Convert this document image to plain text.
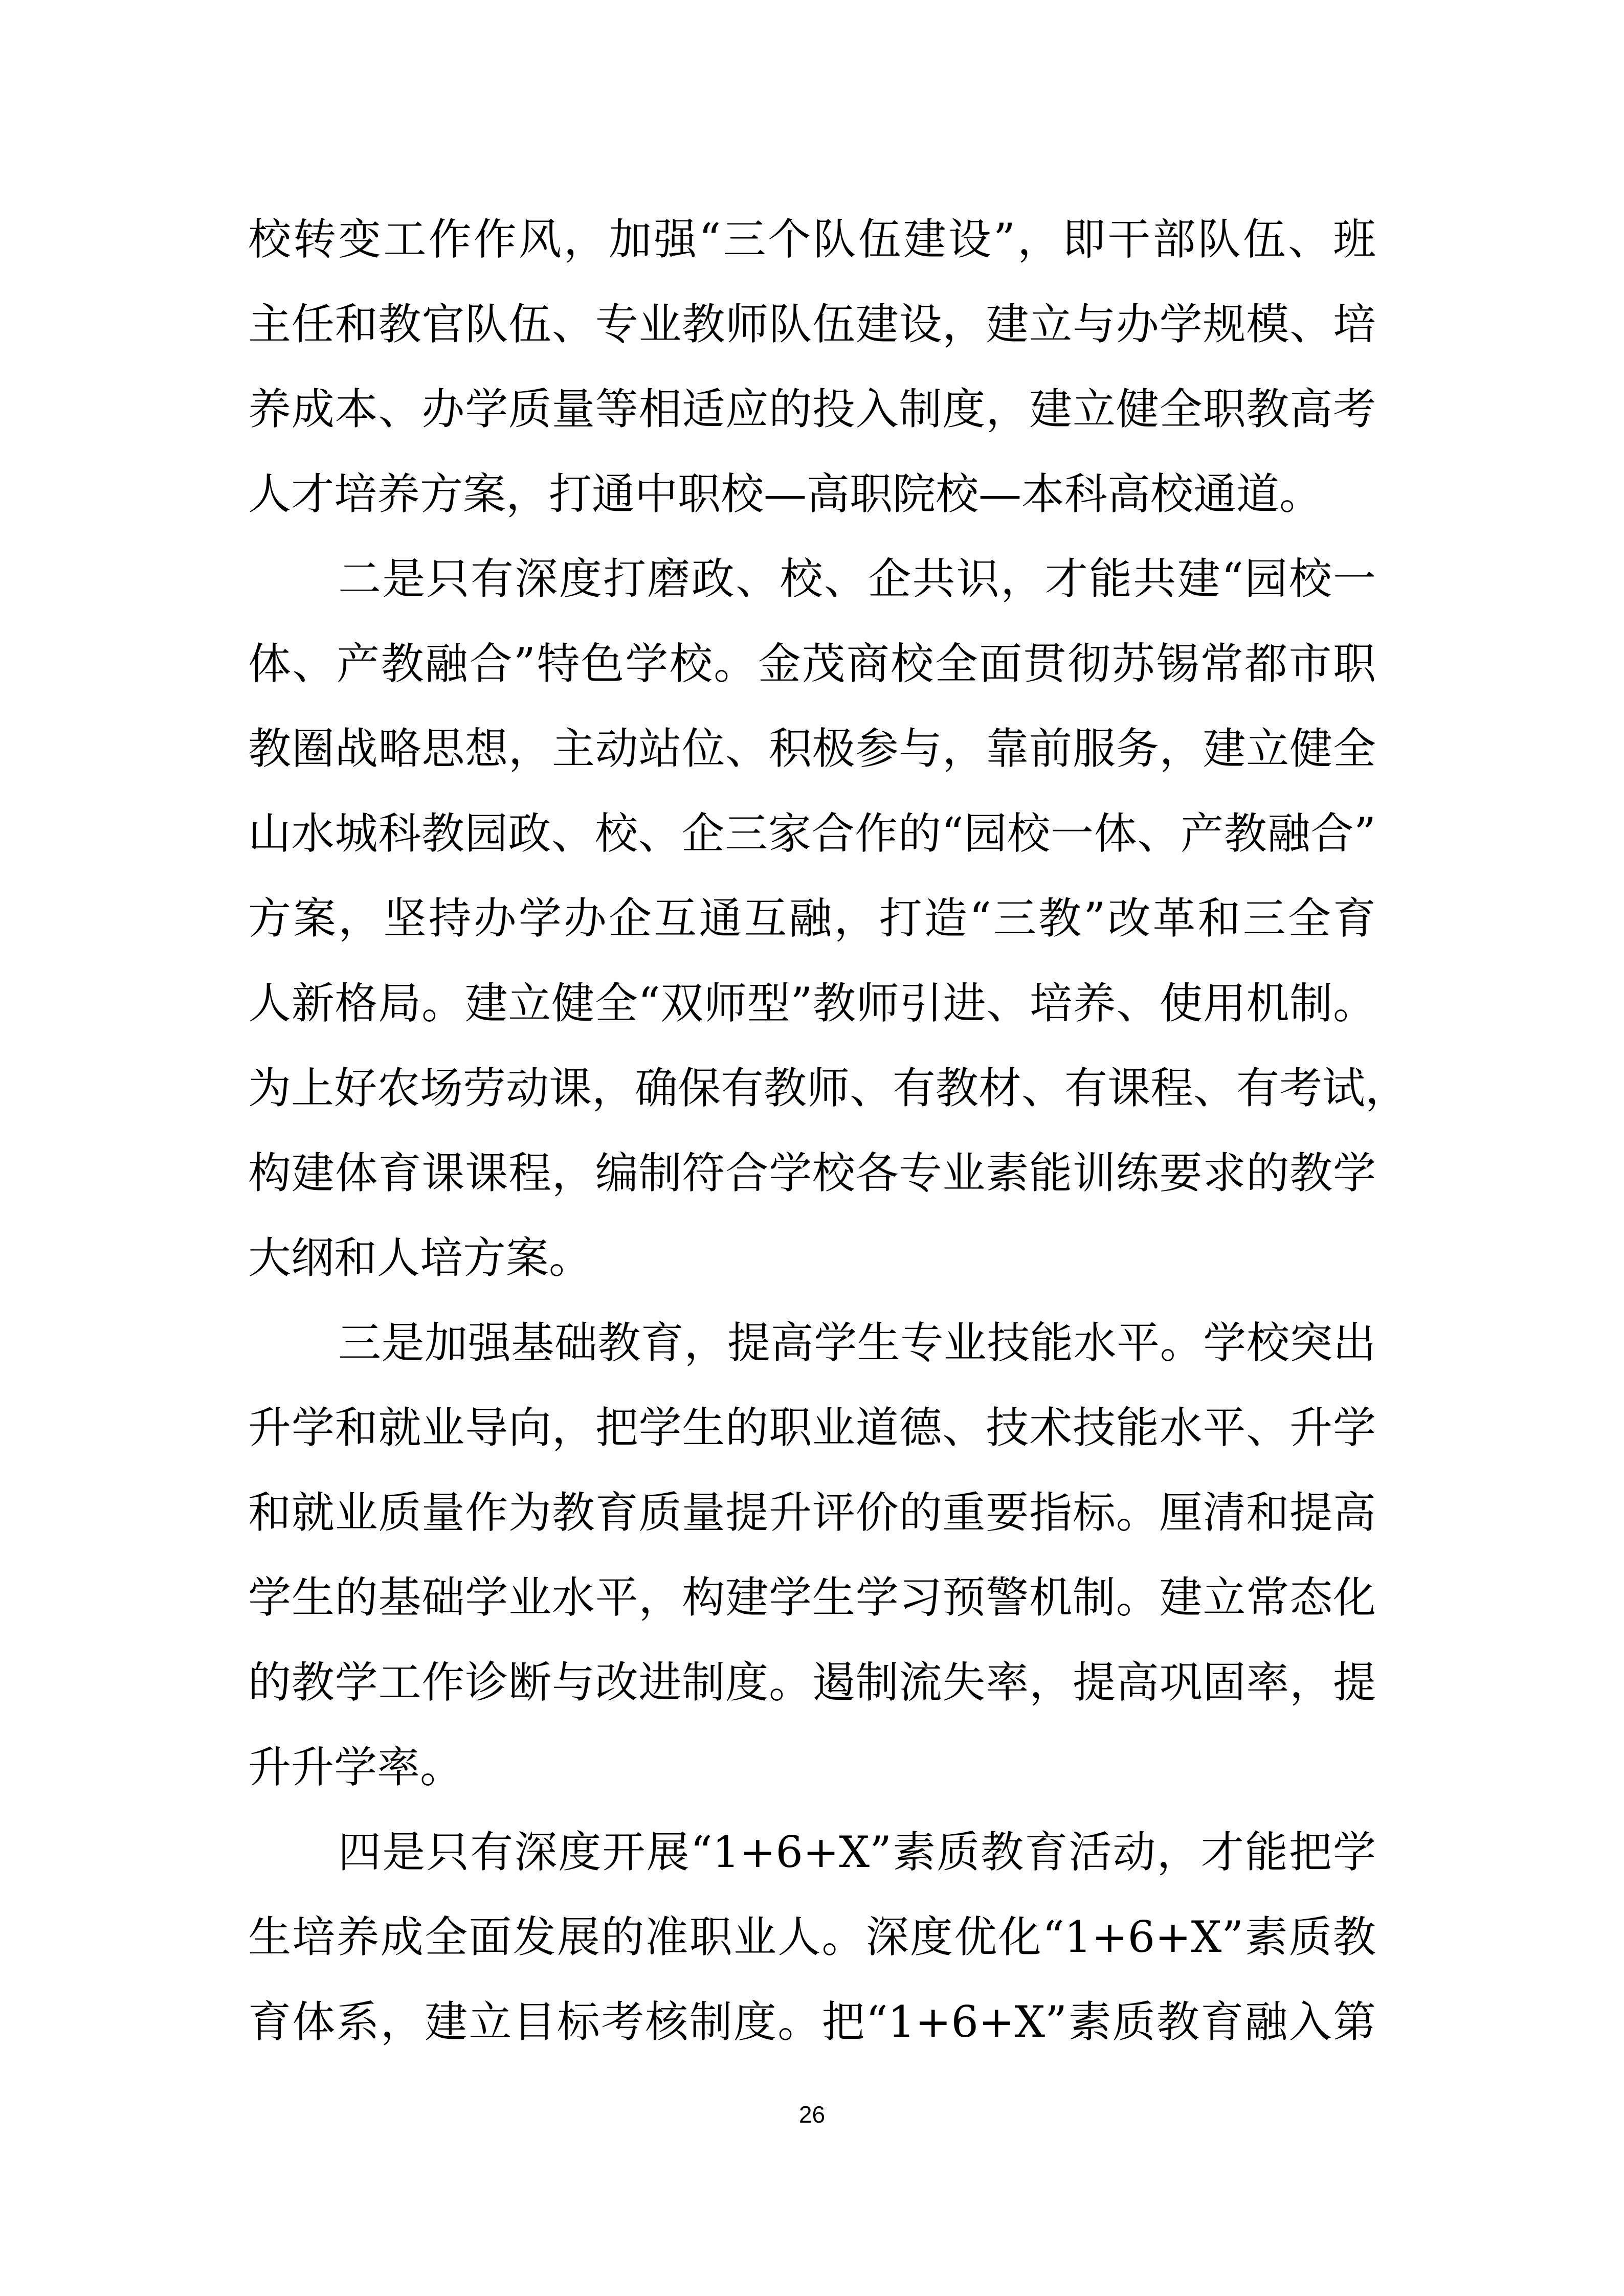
校转变工作作风，加强“三个队伍建设”，即干部队伍、班
主任和教官队伍、专业教师队伍建设，建立与办学规模、培
养成本、办学质量等相适应的投入制度，建立健全职教高考
人才培养方案，打通中职校—高职院校—本科高校通道。
二是只有深度打磨政、校、企共识，才能共建“园校一
体、产教融合”特色学校。金茂商校全面贯彻苏锡常都市职
教圈战略思想，主动站位、积极参与，靠前服务，建立健全
山水城科教园政、校、企三家合作的“园校一体、产教融合”
方案，坚持办学办企互通互融，打造“三教”改革和三全育
人新格局。建立健全“双师型”教师引进、培养、使用机制。
为上好农场劳动课，确保有教师、有教材、有课程、有考试，
构建体育课课程，编制符合学校各专业素能训练要求的教学
大纲和人培方案。
三是加强基础教育，提高学生专业技能水平。学校突出
升学和就业导向，把学生的职业道德、技术技能水平、升学
和就业质量作为教育质量提升评价的重要指标。厘清和提高
学生的基础学业水平，构建学生学习预警机制。建立常态化
的教学工作诊断与改进制度。遏制流失率，提高巩固率，提
升升学率。
四是只有深度开展“1+6+X”素质教育活动，才能把学
生培养成全面发展的准职业人。深度优化“1+6+X”素质教
育体系，建立目标考核制度。把“1+6+X”素质教育融入第
26
